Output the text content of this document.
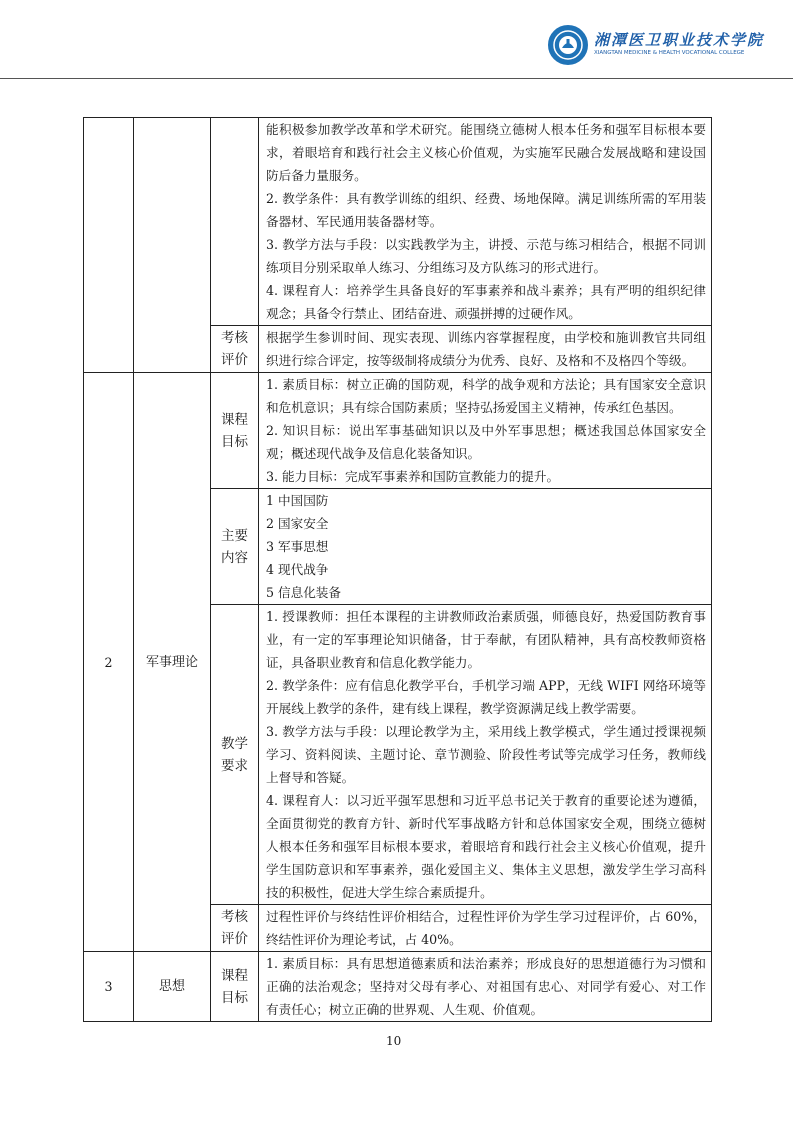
湘潭医卫职业技术学院
XIANGTAN MEDICINE & HEALTH VOCATIONAL COLLEGE

			能积极参加教学改革和学术研究。能围绕立德树人根本任务和强军目标根本要求，着眼培育和践行社会主义核心价值观，为实施军民融合发展战略和建设国防后备力量服务。
2. 教学条件：具有教学训练的组织、经费、场地保障。满足训练所需的军用装备器材、军民通用装备器材等。
3. 教学方法与手段：以实践教学为主，讲授、示范与练习相结合，根据不同训练项目分别采取单人练习、分组练习及方队练习的形式进行。
4. 课程育人：培养学生具备良好的军事素养和战斗素养；具有严明的组织纪律观念；具备令行禁止、团结奋进、顽强拼搏的过硬作风。

		考核评价	根据学生参训时间、现实表现、训练内容掌握程度，由学校和施训教官共同组织进行综合评定，按等级制将成绩分为优秀、良好、及格和不及格四个等级。
2	军事理论	课程目标	1. 素质目标：树立正确的国防观，科学的战争观和方法论；具有国家安全意识和危机意识；具有综合国防素质；坚持弘扬爱国主义精神，传承红色基因。
2. 知识目标：说出军事基础知识以及中外军事思想；概述我国总体国家安全观；概述现代战争及信息化装备知识。
3. 能力目标：完成军事素养和国防宣教能力的提升。

		主要内容	1 中国国防
2 国家安全
3 军事思想
4 现代战争
5 信息化装备

		教学要求	1. 授课教师：担任本课程的主讲教师政治素质强，师德良好，热爱国防教育事业，有一定的军事理论知识储备，甘于奉献，有团队精神，具有高校教师资格证，具备职业教育和信息化教学能力。
2. 教学条件：应有信息化教学平台，手机学习端 APP，无线 WIFI 网络环境等开展线上教学的条件，建有线上课程，教学资源满足线上教学需要。
3. 教学方法与手段：以理论教学为主，采用线上教学模式，学生通过授课视频学习、资料阅读、主题讨论、章节测验、阶段性考试等完成学习任务，教师线上督导和答疑。
4. 课程育人：以习近平强军思想和习近平总书记关于教育的重要论述为遵循，全面贯彻党的教育方针、新时代军事战略方针和总体国家安全观，围绕立德树人根本任务和强军目标根本要求，着眼培育和践行社会主义核心价值观，提升学生国防意识和军事素养，强化爱国主义、集体主义思想，激发学生学习高科技的积极性，促进大学生综合素质提升。

		考核评价	过程性评价与终结性评价相结合，过程性评价为学生学习过程评价，占 60%，终结性评价为理论考试，占 40%。
3	思想	课程目标	1. 素质目标：具有思想道德素质和法治素养；形成良好的思想道德行为习惯和正确的法治观念；坚持对父母有孝心、对祖国有忠心、对同学有爱心、对工作有责任心；树立正确的世界观、人生观、价值观。
10
